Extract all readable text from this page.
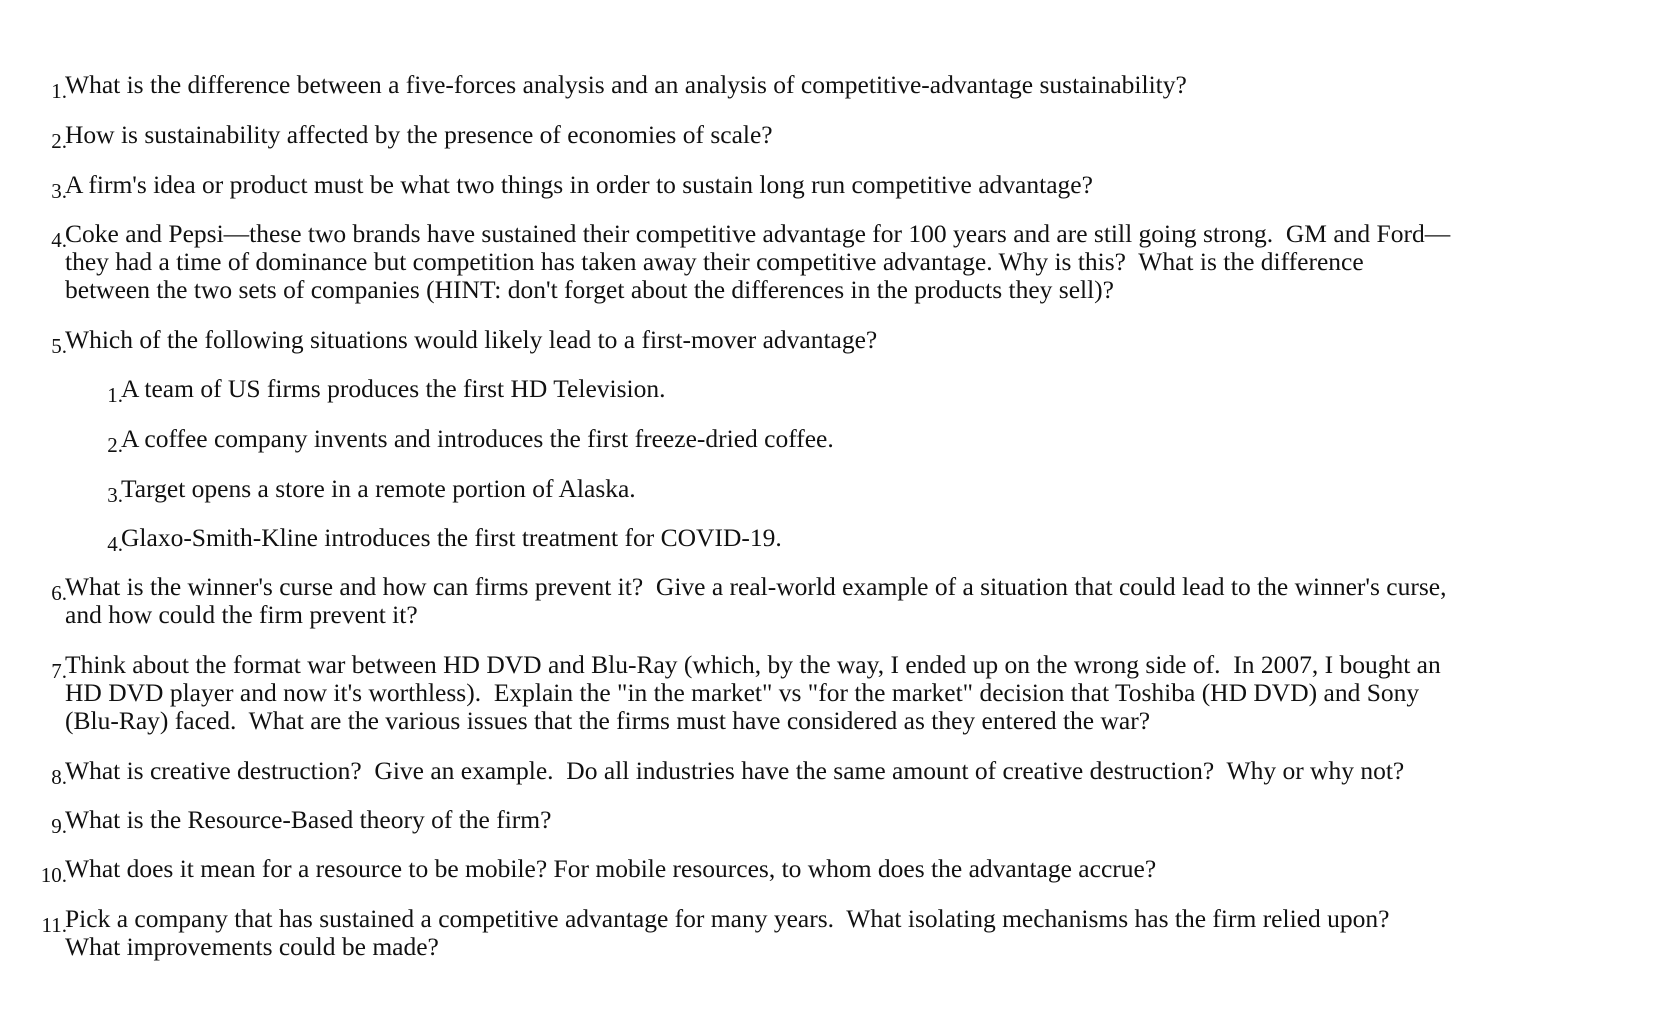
1.
What is the difference between a five-forces analysis and an analysis of competitive-advantage sustainability?
2.
How is sustainability affected by the presence of economies of scale?
3.
A firm's idea or product must be what two things in order to sustain long run competitive advantage?
4.
Coke and Pepsi—these two brands have sustained their competitive advantage for 100 years and are still going strong.  GM and Ford—
they had a time of dominance but competition has taken away their competitive advantage. Why is this?  What is the difference
between the two sets of companies (HINT: don't forget about the differences in the products they sell)?
5.
Which of the following situations would likely lead to a first-mover advantage?
1.
A team of US firms produces the first HD Television.
2.
A coffee company invents and introduces the first freeze-dried coffee.
3.
Target opens a store in a remote portion of Alaska.
4.
Glaxo-Smith-Kline introduces the first treatment for COVID-19.
6.
What is the winner's curse and how can firms prevent it?  Give a real-world example of a situation that could lead to the winner's curse,
and how could the firm prevent it?
7.
Think about the format war between HD DVD and Blu-Ray (which, by the way, I ended up on the wrong side of.  In 2007, I bought an
HD DVD player and now it's worthless).  Explain the "in the market" vs "for the market" decision that Toshiba (HD DVD) and Sony
(Blu-Ray) faced.  What are the various issues that the firms must have considered as they entered the war?
8.
What is creative destruction?  Give an example.  Do all industries have the same amount of creative destruction?  Why or why not?
9.
What is the Resource-Based theory of the firm?
10.
What does it mean for a resource to be mobile? For mobile resources, to whom does the advantage accrue?
11.
Pick a company that has sustained a competitive advantage for many years.  What isolating mechanisms has the firm relied upon?
What improvements could be made?
